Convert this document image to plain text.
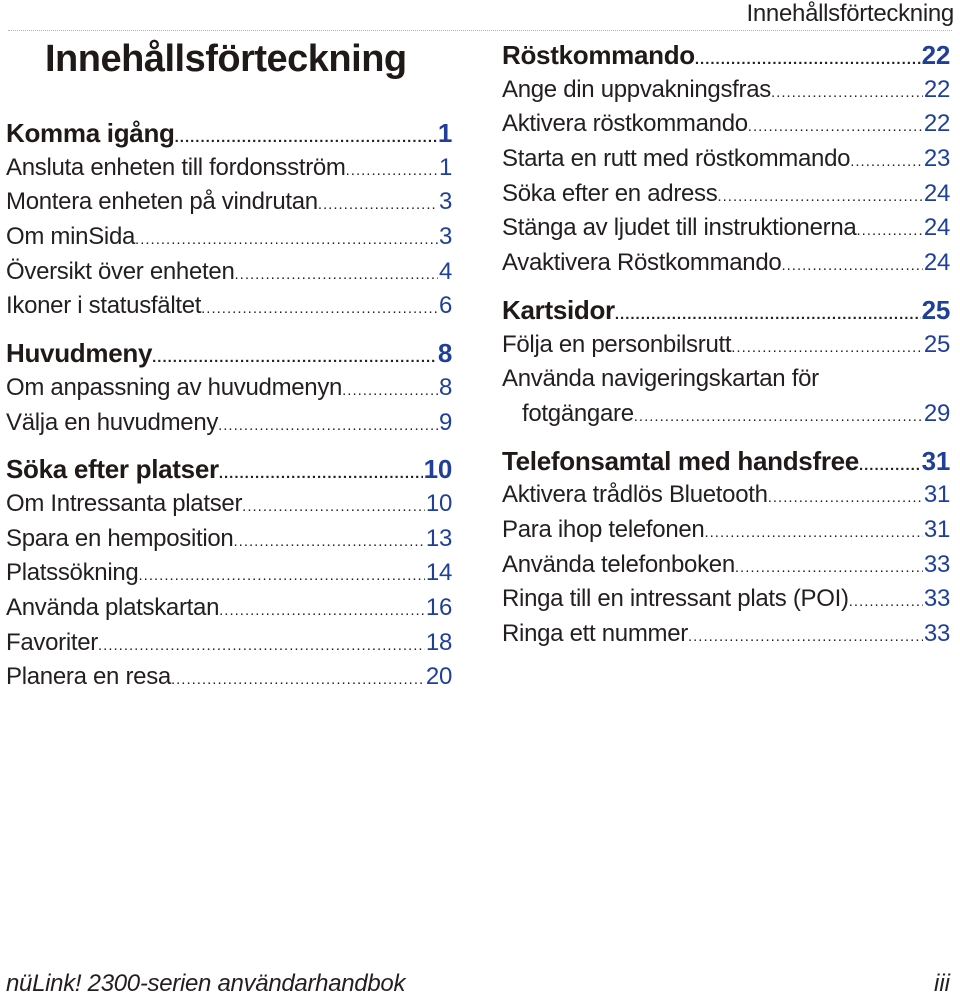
Innehållsförteckning
Innehållsförteckning
Komma igång .....	1
Ansluta enheten till fordonsström .....	1
Montera enheten på vindrutan .....	3
Om minSida .....	3
Översikt över enheten .....	4
Ikoner i statusfältet .....	6
Huvudmeny .....	8
Om anpassning av huvudmenyn .....	8
Välja en huvudmeny .....	9
Söka efter platser .....	10
Om Intressanta platser .....	10
Spara en hemposition .....	13
Platssökning .....	14
Använda platskartan .....	16
Favoriter .....	18
Planera en resa .....	20
Röstkommando .....	22
Ange din uppvakningsfras .....	22
Aktivera röstkommando .....	22
Starta en rutt med röstkommando .....	23
Söka efter en adress .....	24
Stänga av ljudet till instruktionerna .....	24
Avaktivera Röstkommando .....	24
Kartsidor .....	25
Följa en personbilsrutt .....	25
Använda navigeringskartan för
fotgängare .....	29
Telefonsamtal med handsfree ..... 31
Aktivera trådlös Bluetooth .....	31
Para ihop telefonen .....	31
Använda telefonboken .....	33
Ringa till en intressant plats (POI) .....	33
Ringa ett nummer .....	33
nüLink! 2300-serien användarhandbok	iii
